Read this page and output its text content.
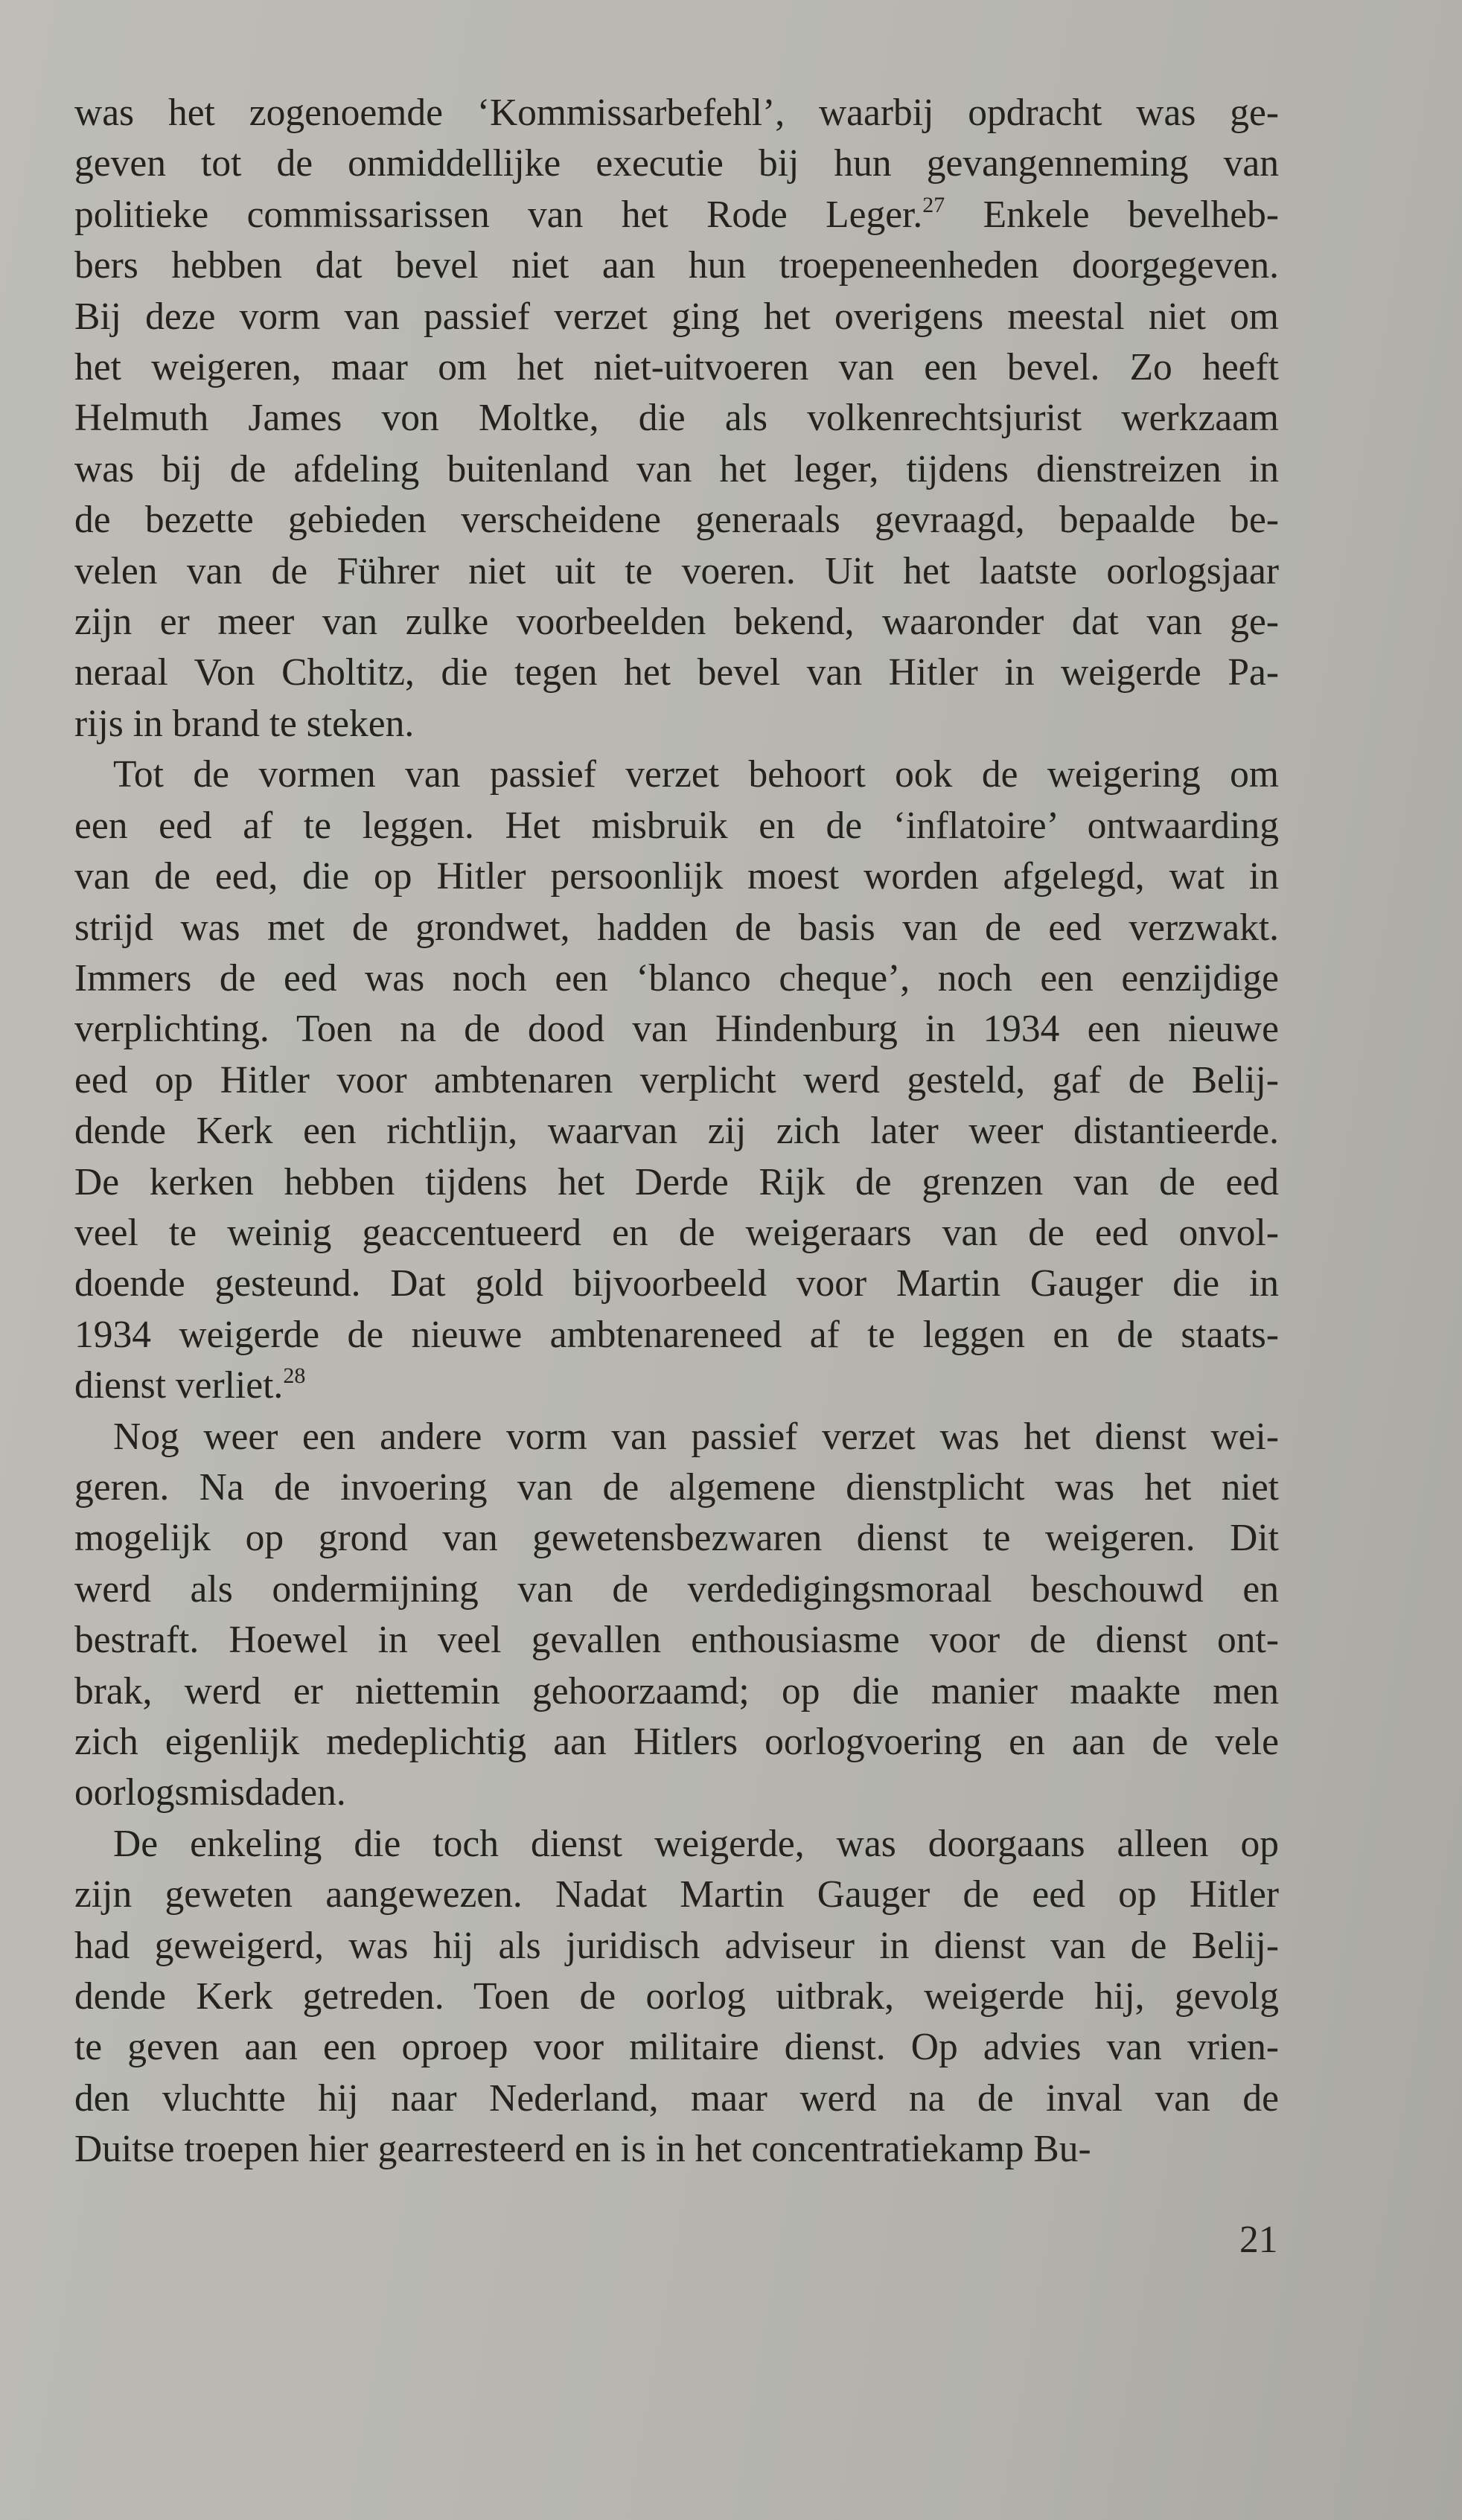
was het zogenoemde ‘Kommissarbefehl’, waarbij opdracht was ge-
geven tot de onmiddellijke executie bij hun gevangenneming van
politieke commissarissen van het Rode Leger.$^{27}$ Enkele bevelheb-
bers hebben dat bevel niet aan hun troepeneenheden doorgegeven.
Bij deze vorm van passief verzet ging het overigens meestal niet om
het weigeren, maar om het niet-uitvoeren van een bevel. Zo heeft
Helmuth James von Moltke, die als volkenrechtsjurist werkzaam
was bij de afdeling buitenland van het leger, tijdens dienstreizen in
de bezette gebieden verscheidene generaals gevraagd, bepaalde be-
velen van de Führer niet uit te voeren. Uit het laatste oorlogsjaar
zijn er meer van zulke voorbeelden bekend, waaronder dat van ge-
neraal Von Choltitz, die tegen het bevel van Hitler in weigerde Pa-
rijs in brand te steken.
Tot de vormen van passief verzet behoort ook de weigering om
een eed af te leggen. Het misbruik en de ‘inflatoire’ ontwaarding
van de eed, die op Hitler persoonlijk moest worden afgelegd, wat in
strijd was met de grondwet, hadden de basis van de eed verzwakt.
Immers de eed was noch een ‘blanco cheque’, noch een eenzijdige
verplichting. Toen na de dood van Hindenburg in 1934 een nieuwe
eed op Hitler voor ambtenaren verplicht werd gesteld, gaf de Belij-
dende Kerk een richtlijn, waarvan zij zich later weer distantieerde.
De kerken hebben tijdens het Derde Rijk de grenzen van de eed
veel te weinig geaccentueerd en de weigeraars van de eed onvol-
doende gesteund. Dat gold bijvoorbeeld voor Martin Gauger die in
1934 weigerde de nieuwe ambtenareneed af te leggen en de staats-
dienst verliet.$^{28}$
Nog weer een andere vorm van passief verzet was het dienst wei-
geren. Na de invoering van de algemene dienstplicht was het niet
mogelijk op grond van gewetensbezwaren dienst te weigeren. Dit
werd als ondermijning van de verdedigingsmoraal beschouwd en
bestraft. Hoewel in veel gevallen enthousiasme voor de dienst ont-
brak, werd er niettemin gehoorzaamd; op die manier maakte men
zich eigenlijk medeplichtig aan Hitlers oorlogvoering en aan de vele
oorlogsmisdaden.
De enkeling die toch dienst weigerde, was doorgaans alleen op
zijn geweten aangewezen. Nadat Martin Gauger de eed op Hitler
had geweigerd, was hij als juridisch adviseur in dienst van de Belij-
dende Kerk getreden. Toen de oorlog uitbrak, weigerde hij, gevolg
te geven aan een oproep voor militaire dienst. Op advies van vrien-
den vluchtte hij naar Nederland, maar werd na de inval van de
Duitse troepen hier gearresteerd en is in het concentratiekamp Bu-
21
